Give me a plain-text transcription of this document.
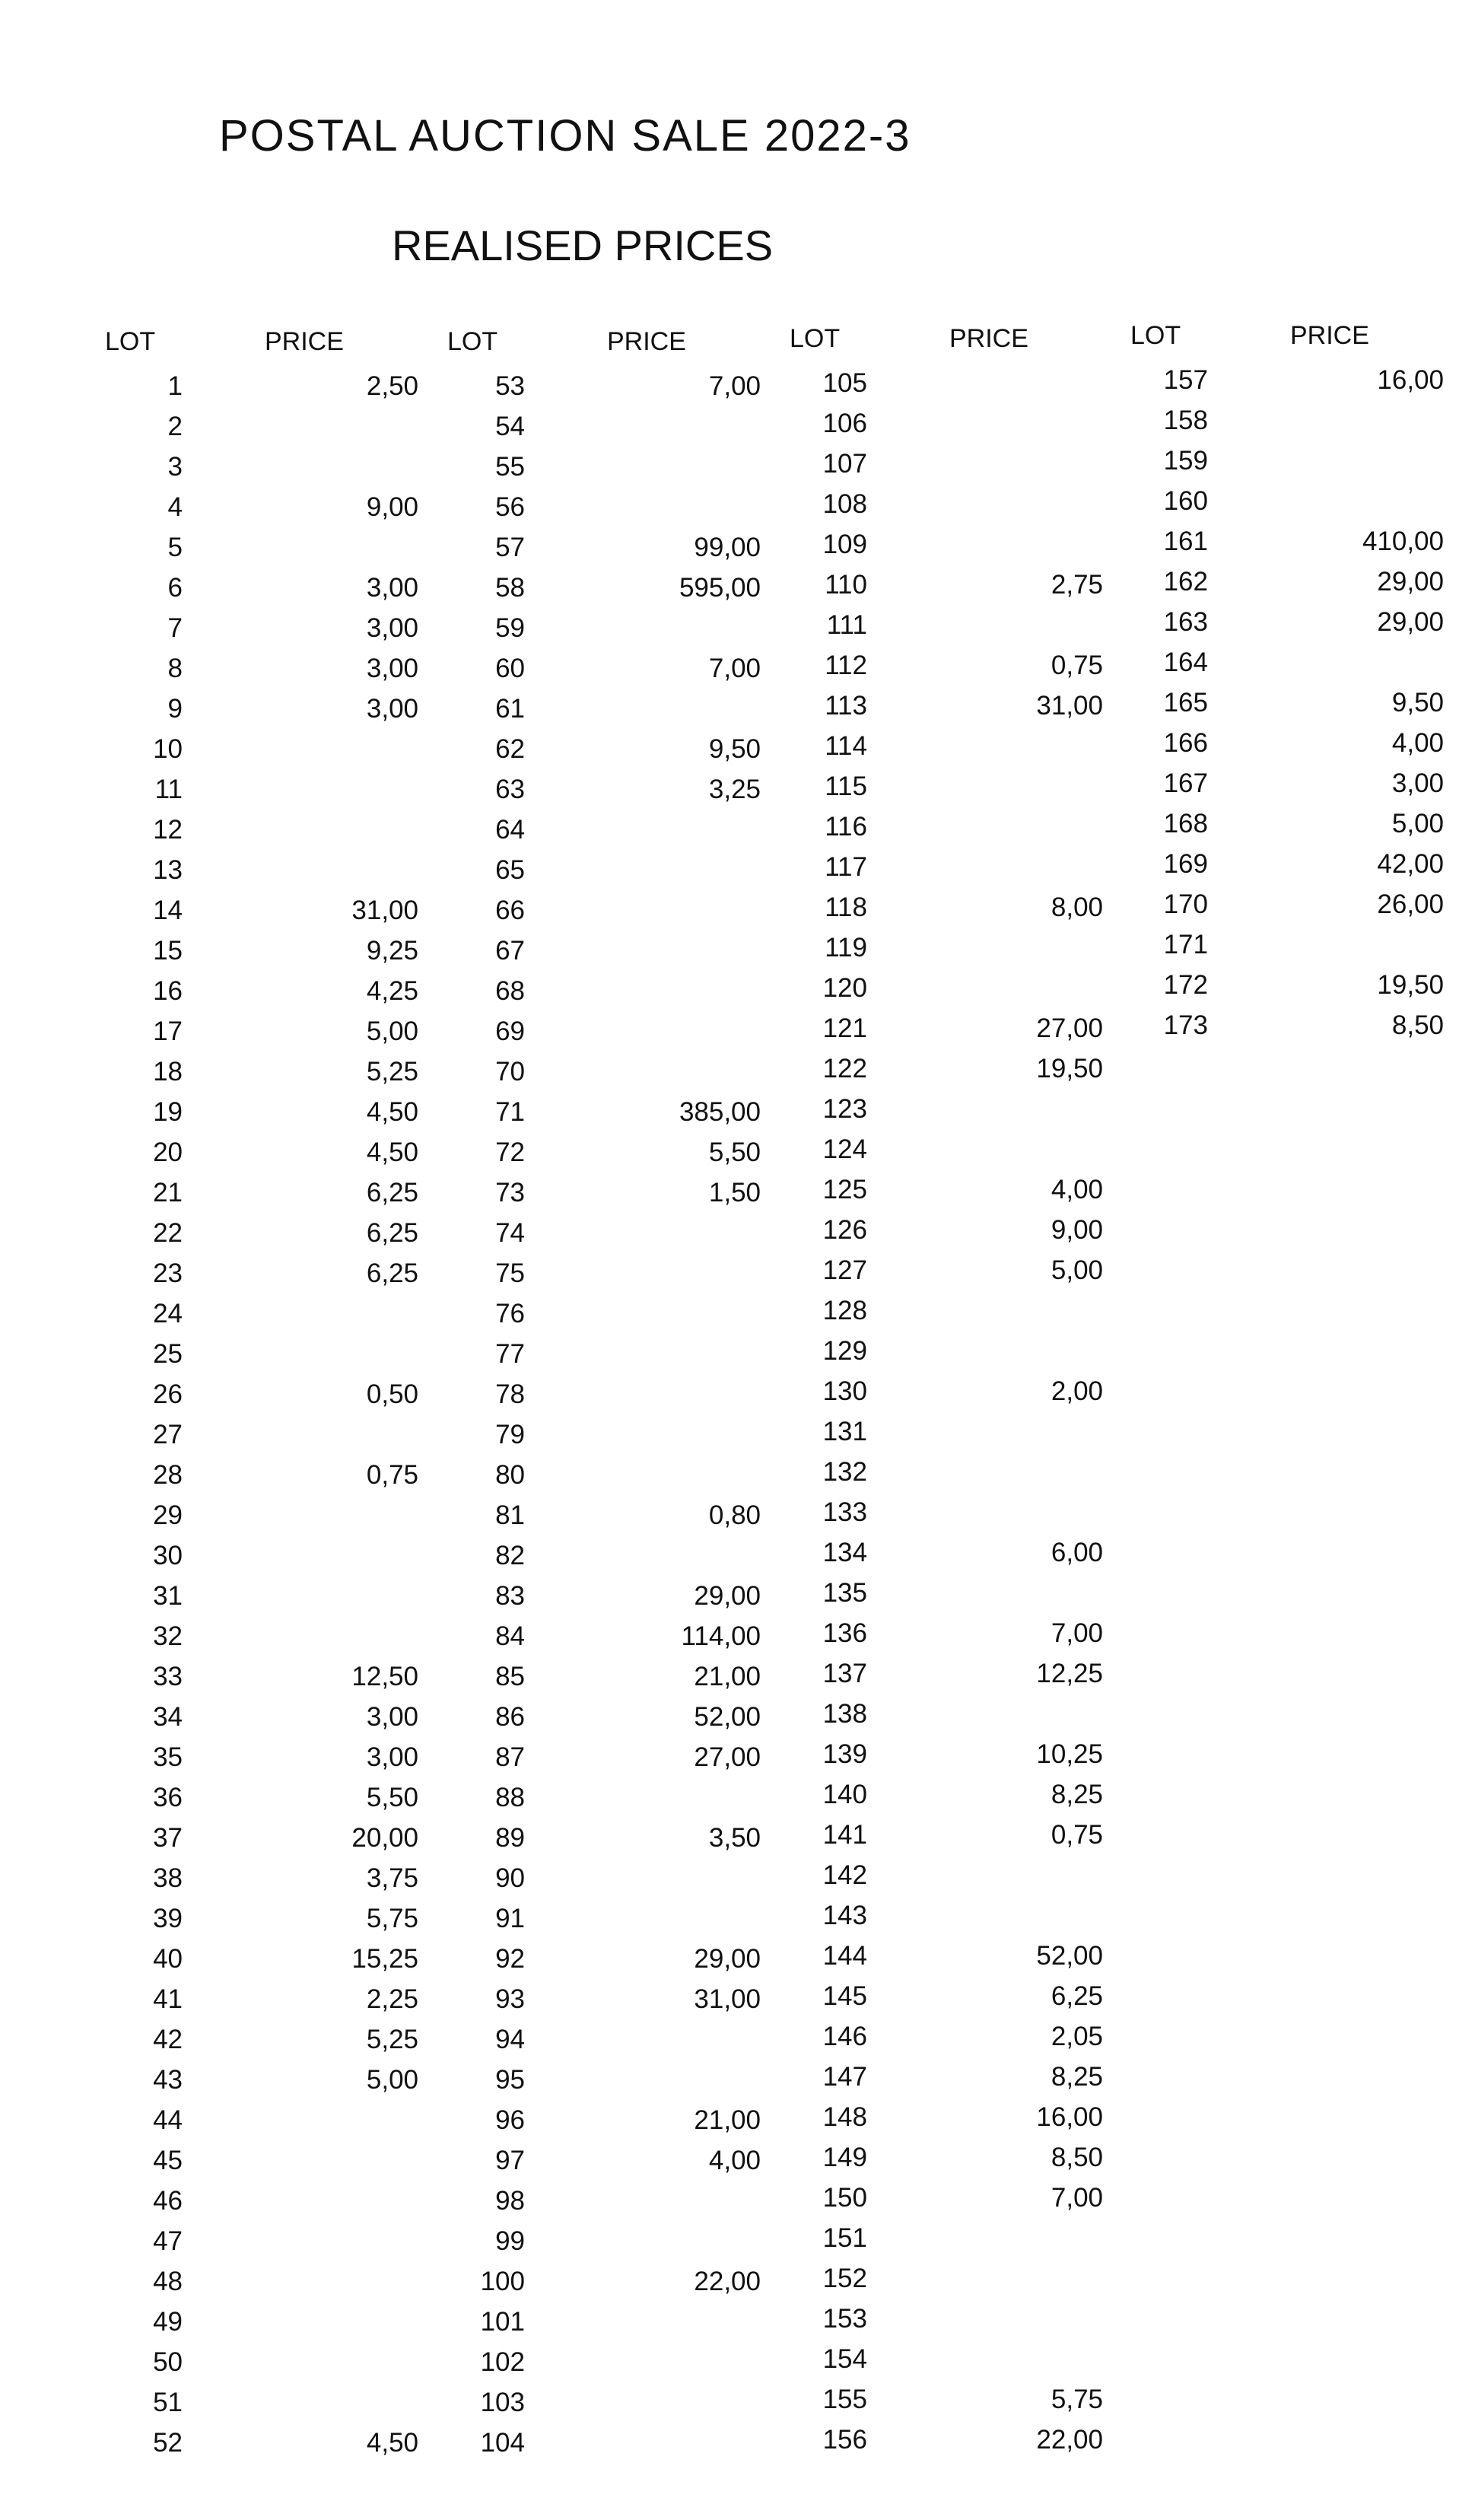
POSTAL AUCTION SALE 2022-3
REALISED PRICES
LOT	PRICE
1	2,50
2
3
4	9,00
5
6	3,00
7	3,00
8	3,00
9	3,00
10
11
12
13
14	31,00
15	9,25
16	4,25
17	5,00
18	5,25
19	4,50
20	4,50
21	6,25
22	6,25
23	6,25
24
25
26	0,50
27
28	0,75
29
30
31
32
33	12,50
34	3,00
35	3,00
36	5,50
37	20,00
38	3,75
39	5,75
40	15,25
41	2,25
42	5,25
43	5,00
44
45
46
47
48
49
50
51
52	4,50
LOT	PRICE
53	7,00
54
55
56
57	99,00
58	595,00
59
60	7,00
61
62	9,50
63	3,25
64
65
66
67
68
69
70
71	385,00
72	5,50
73	1,50
74
75
76
77
78
79
80
81	0,80
82
83	29,00
84	114,00
85	21,00
86	52,00
87	27,00
88
89	3,50
90
91
92	29,00
93	31,00
94
95
96	21,00
97	4,00
98
99
100	22,00
101
102
103
104
LOT	PRICE
105
106
107
108
109
110	2,75
111
112	0,75
113	31,00
114
115
116
117
118	8,00
119
120
121	27,00
122	19,50
123
124
125	4,00
126	9,00
127	5,00
128
129
130	2,00
131
132
133
134	6,00
135
136	7,00
137	12,25
138
139	10,25
140	8,25
141	0,75
142
143
144	52,00
145	6,25
146	2,05
147	8,25
148	16,00
149	8,50
150	7,00
151
152
153
154
155	5,75
156	22,00
LOT	PRICE
157	16,00
158
159
160
161	410,00
162	29,00
163	29,00
164
165	9,50
166	4,00
167	3,00
168	5,00
169	42,00
170	26,00
171
172	19,50
173	8,50
